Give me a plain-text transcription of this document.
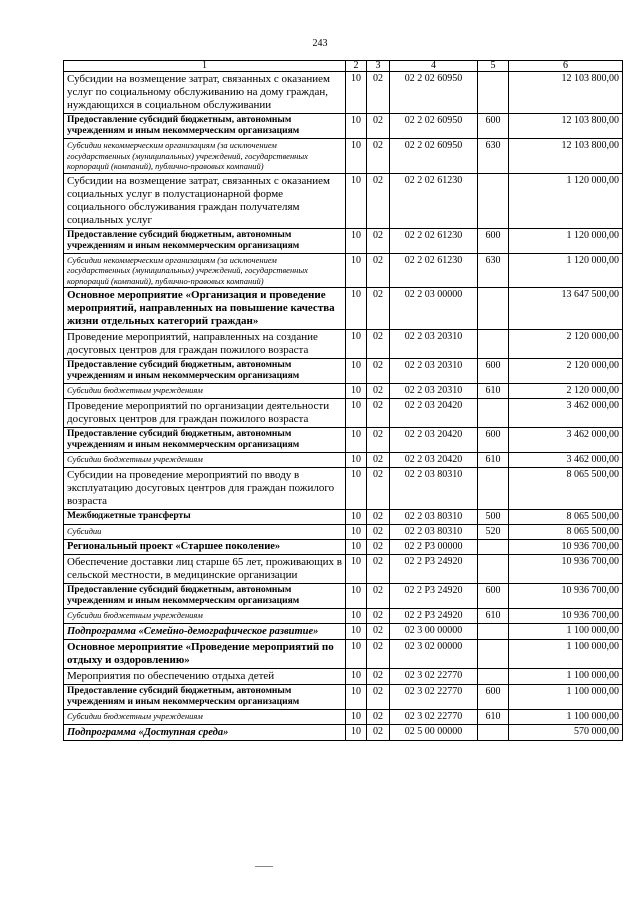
243
1	2	3	4	5	6
Субсидии на возмещение затрат, связанных с оказанием услуг по социальному обслуживанию на дому граждан, нуждающихся в социальном обслуживании	10	02	02 2 02 60950		12 103 800,00
Предоставление субсидий бюджетным, автономным учреждениям и иным некоммерческим организациям	10	02	02 2 02 60950	600	12 103 800,00
Субсидии некоммерческим организациям (за исключением государственных (муниципальных) учреждений, государственных корпораций (компаний), публично-правовых компаний)	10	02	02 2 02 60950	630	12 103 800,00
Субсидии на возмещение затрат, связанных с оказанием социальных услуг в полустационарной форме социального обслуживания граждан получателям социальных услуг	10	02	02 2 02 61230		1 120 000,00
Предоставление субсидий бюджетным, автономным учреждениям и иным некоммерческим организациям	10	02	02 2 02 61230	600	1 120 000,00
Субсидии некоммерческим организациям (за исключением государственных (муниципальных) учреждений, государственных корпораций (компаний), публично-правовых компаний)	10	02	02 2 02 61230	630	1 120 000,00
Основное мероприятие «Организация и проведение мероприятий, направленных на повышение качества жизни отдельных категорий граждан»	10	02	02 2 03 00000		13 647 500,00
Проведение мероприятий, направленных на создание досуговых центров для граждан пожилого возраста	10	02	02 2 03 20310		2 120 000,00
Предоставление субсидий бюджетным, автономным учреждениям и иным некоммерческим организациям	10	02	02 2 03 20310	600	2 120 000,00
Субсидии бюджетным учреждениям	10	02	02 2 03 20310	610	2 120 000,00
Проведение мероприятий по организации деятельности досуговых центров для граждан пожилого возраста	10	02	02 2 03 20420		3 462 000,00
Предоставление субсидий бюджетным, автономным учреждениям и иным некоммерческим организациям	10	02	02 2 03 20420	600	3 462 000,00
Субсидии бюджетным учреждениям	10	02	02 2 03 20420	610	3 462 000,00
Субсидии на проведение мероприятий по вводу в эксплуатацию досуговых центров для граждан пожилого возраста	10	02	02 2 03 80310		8 065 500,00
Межбюджетные трансферты	10	02	02 2 03 80310	500	8 065 500,00
Субсидии	10	02	02 2 03 80310	520	8 065 500,00
Региональный проект «Старшее поколение»	10	02	02 2 P3 00000		10 936 700,00
Обеспечение доставки лиц старше 65 лет, проживающих в сельской местности, в медицинские организации	10	02	02 2 P3 24920		10 936 700,00
Предоставление субсидий бюджетным, автономным учреждениям и иным некоммерческим организациям	10	02	02 2 P3 24920	600	10 936 700,00
Субсидии бюджетным учреждениям	10	02	02 2 P3 24920	610	10 936 700,00
Подпрограмма «Семейно-демографическое развитие»	10	02	02 3 00 00000		1 100 000,00
Основное мероприятие «Проведение мероприятий по отдыху и оздоровлению»	10	02	02 3 02 00000		1 100 000,00
Мероприятия по обеспечению отдыха детей	10	02	02 3 02 22770		1 100 000,00
Предоставление субсидий бюджетным, автономным учреждениям и иным некоммерческим организациям	10	02	02 3 02 22770	600	1 100 000,00
Субсидии бюджетным учреждениям	10	02	02 3 02 22770	610	1 100 000,00
Подпрограмма «Доступная среда»	10	02	02 5 00 00000		570 000,00
